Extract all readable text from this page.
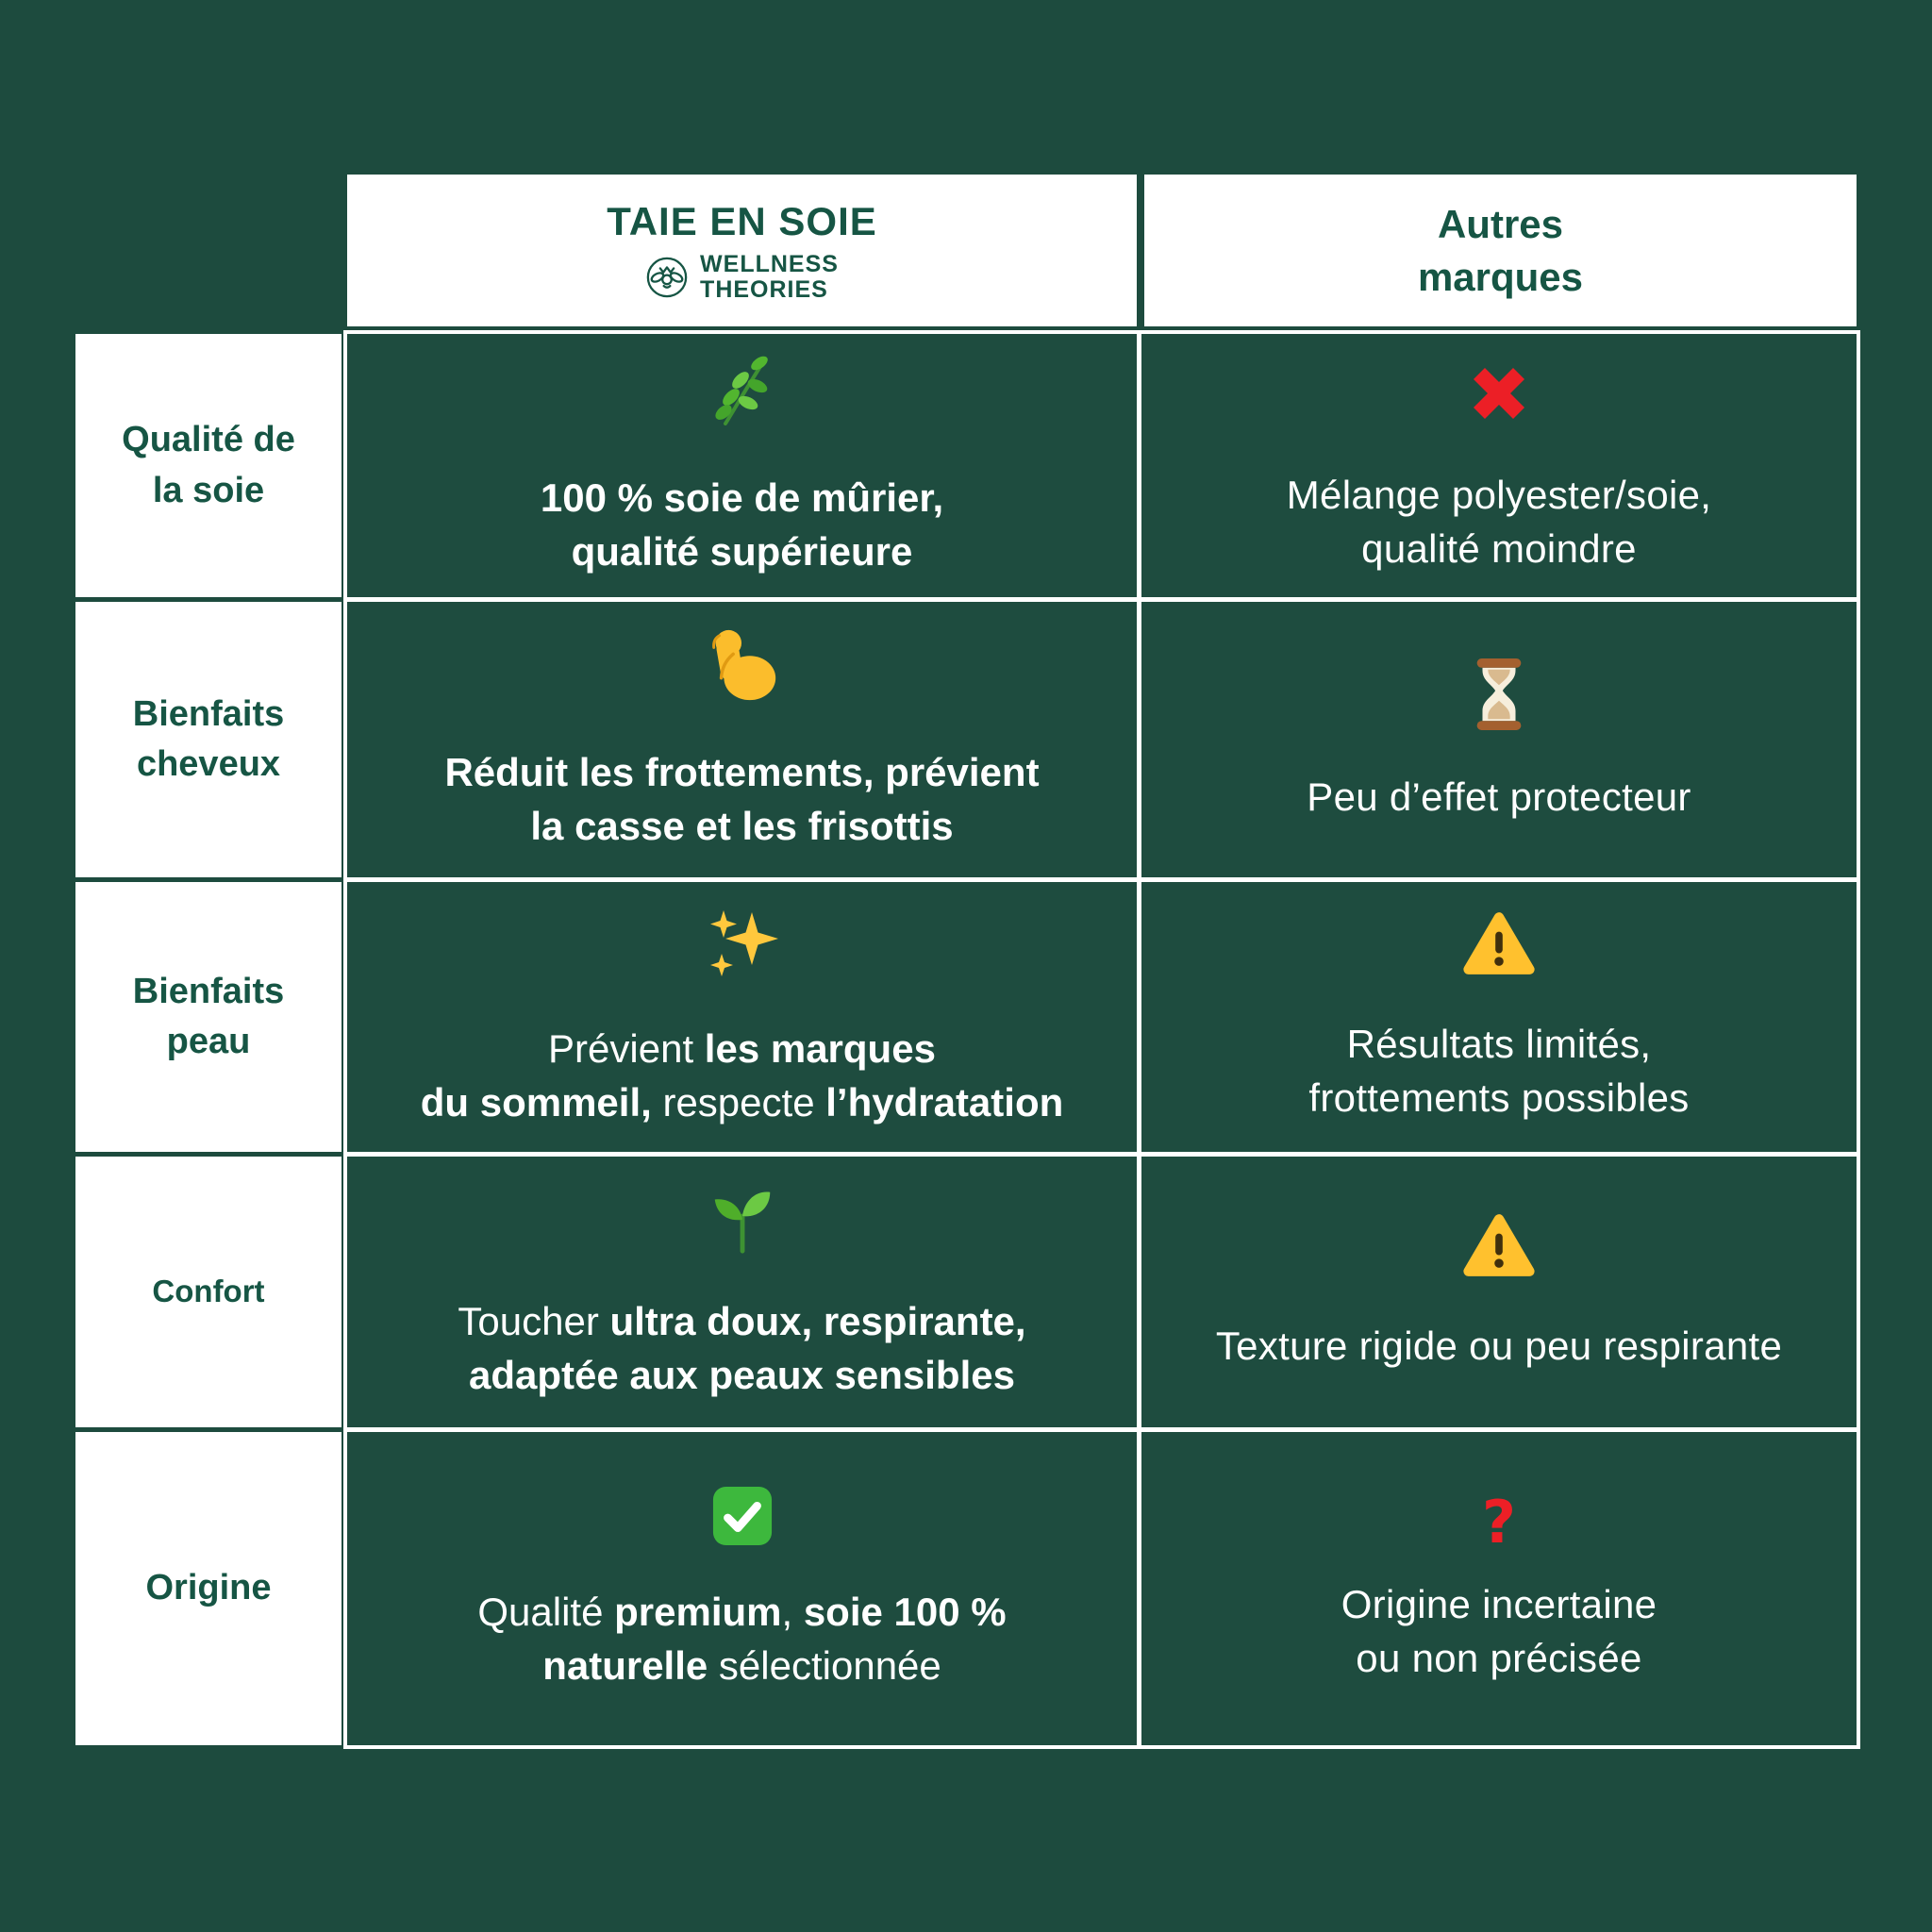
TAIE EN SOIE
WELLNESS
THEORIES
Autres
marques
Qualité de
la soie
Bienfaits
cheveux
Bienfaits
peau
Confort
Origine
100 % soie de mûrier,
qualité supérieure
Mélange polyester/soie,
qualité moindre
Réduit les frottements, prévient
la casse et les frisottis
Peu d’effet protecteur
Prévient les marques
du sommeil, respecte l’hydratation
Résultats limités,
frottements possibles
Toucher ultra doux, respirante,
adaptée aux peaux sensibles
Texture rigide ou peu respirante
Qualité premium, soie 100 %
naturelle sélectionnée
?
Origine incertaine
ou non précisée
